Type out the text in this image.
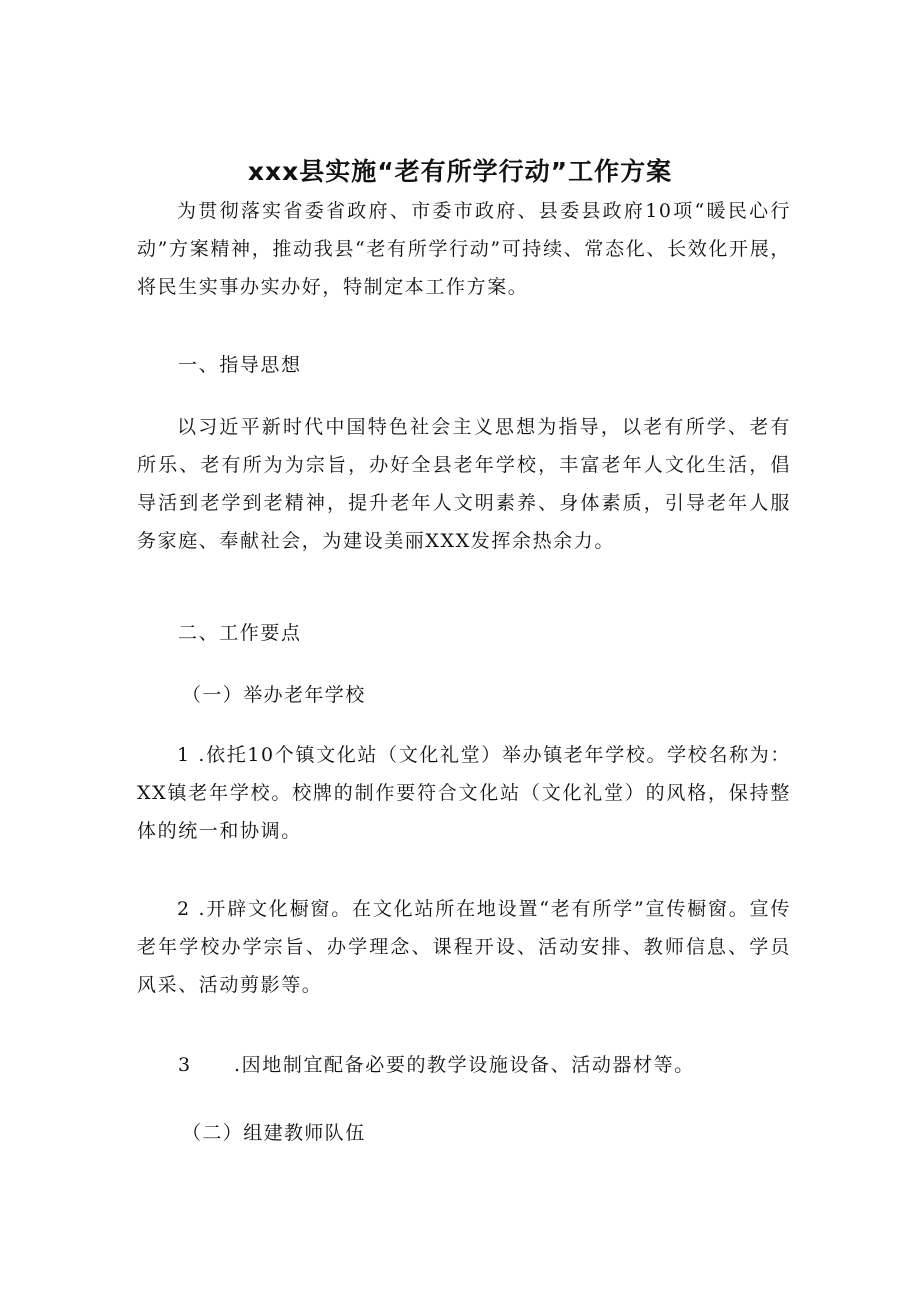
xxx县实施“老有所学行动”工作方案

为贯彻落实省委省政府、市委市政府、县委县政府10项“暖民心行动”方案精神，推动我县“老有所学行动”可持续、常态化、长效化开展，将民生实事办实办好，特制定本工作方案。

一、指导思想

以习近平新时代中国特色社会主义思想为指导，以老有所学、老有所乐、老有所为为宗旨，办好全县老年学校，丰富老年人文化生活，倡导活到老学到老精神，提升老年人文明素养、身体素质，引导老年人服务家庭、奉献社会，为建设美丽XXX发挥余热余力。

二、工作要点

（一）举办老年学校

1 .依托10个镇文化站（文化礼堂）举办镇老年学校。学校名称为：XX镇老年学校。校牌的制作要符合文化站（文化礼堂）的风格，保持整体的统一和协调。

2 .开辟文化橱窗。在文化站所在地设置“老有所学”宣传橱窗。宣传老年学校办学宗旨、办学理念、课程开设、活动安排、教师信息、学员风采、活动剪影等。

3 .因地制宜配备必要的教学设施设备、活动器材等。

（二）组建教师队伍
